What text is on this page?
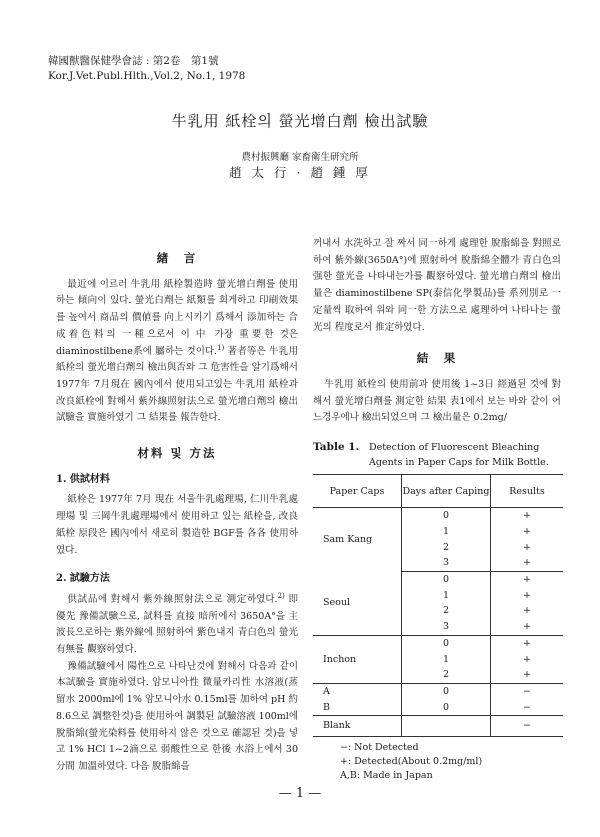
韓國獸醫保健學會誌 : 第2卷　第1號
Kor.J.Vet.Publ.Hlth.,Vol.2, No.1, 1978
牛乳用 紙栓의 螢光增白劑 檢出試驗
農村振興廳 家畜衛生研究所
趙 太 行 · 趙 鍾 厚
緖　言
最近에 이르러 牛乳用 紙栓製造時 螢光增白劑를 使用하는 傾向이 있다. 螢光白劑는 紙類를 희게하고 印刷效果를 높여서 商品의 價値를 向上시키기 爲해서 添加하는 合成着色料의 一種으로서 이 中 가장 重要한 것은 diaminostilbene系에 屬하는 것이다.$^{1)}$ 著者等은 牛乳用 紙栓의 螢光增白劑의 檢出與否와 그 危害性을 알기爲해서 1977年 7月現在 國內에서 使用되고있는 牛乳用 紙栓과 改良紙栓에 對해서 紫外線照射法으로 螢光增白劑의 檢出試驗을 實施하였기 그 結果를 報告한다.
材料 및 方法
1. 供試材料
紙栓은 1977年 7月 現在 서울牛乳處理場, 仁川牛乳處理場 및 三岡牛乳處理場에서 使用하고 있는 紙栓을, 改良紙栓 原段은 國內에서 새로히 製造한 BGF를 各各 使用하였다.
2. 試驗方法
供試品에 對해서 紫外線照射法으로 測定하였다.$^{2)}$ 即 優先 豫備試驗으로, 試料를 直接 暗所에서 3650A°을 主波長으로하는 紫外線에 照射하여 紫色내지 青白色의 螢光有無를 觀察하였다.
豫備試驗에서 陽性으로 나타난것에 對해서 다음과 같이 本試驗을 實施하였다. 암모니아性 微量카리性 水溶液(蒸留水 2000ml에 1% 암모니아水 0.15ml를 加하여 pH 約 8.6으로 調整한것)을 使用하여 調製된 試驗溶液 100ml에 脫脂綿(螢光染料를 使用하지 않은 것으로 確認된 것)을 넣고 1% HCl 1~2滴으로 弱酸性으로 한後 水浴上에서 30分間 加溫하였다. 다음 脫脂綿을
꺼내서 水洗하고 잘 짜서 同一하게 處理한 脫脂綿을 對照로 하여 紫外線(3650A°)에 照射하여 脫脂綿全體가 青白色의 强한 螢光을 나타내는가를 觀察하였다. 螢光增白劑의 檢出量은 diaminostilbene SP(泰信化學製品)를 系列別로 一定量씩 取하여 위와 同一한 方法으로 處理하여 나타나는 螢光의 程度로서 推定하였다.
結　果
牛乳用 紙栓의 使用前과 使用後 1~3日 經過된 것에 對해서 螢光增白劑를 測定한 結果 表1에서 보는 바와 같이 어느경우에나 檢出되었으며 그 檢出量은 0.2mg/
Table 1.	Detection of Fluorescent Bleaching Agents in Paper Caps for Milk Bottle.
Paper Caps	Days after Caping	Results
Sam Kang	0	+
	1	+
	2	+
	3	+
Seoul	0	+
	1	+
	2	+
	3	+
Inchon	0	+
	1	+
	2	+
A	0	−
B	0	−
Blank		−
−: Not Detected
+: Detected(About 0.2mg/ml)
A,B: Made in Japan
— 1 —
